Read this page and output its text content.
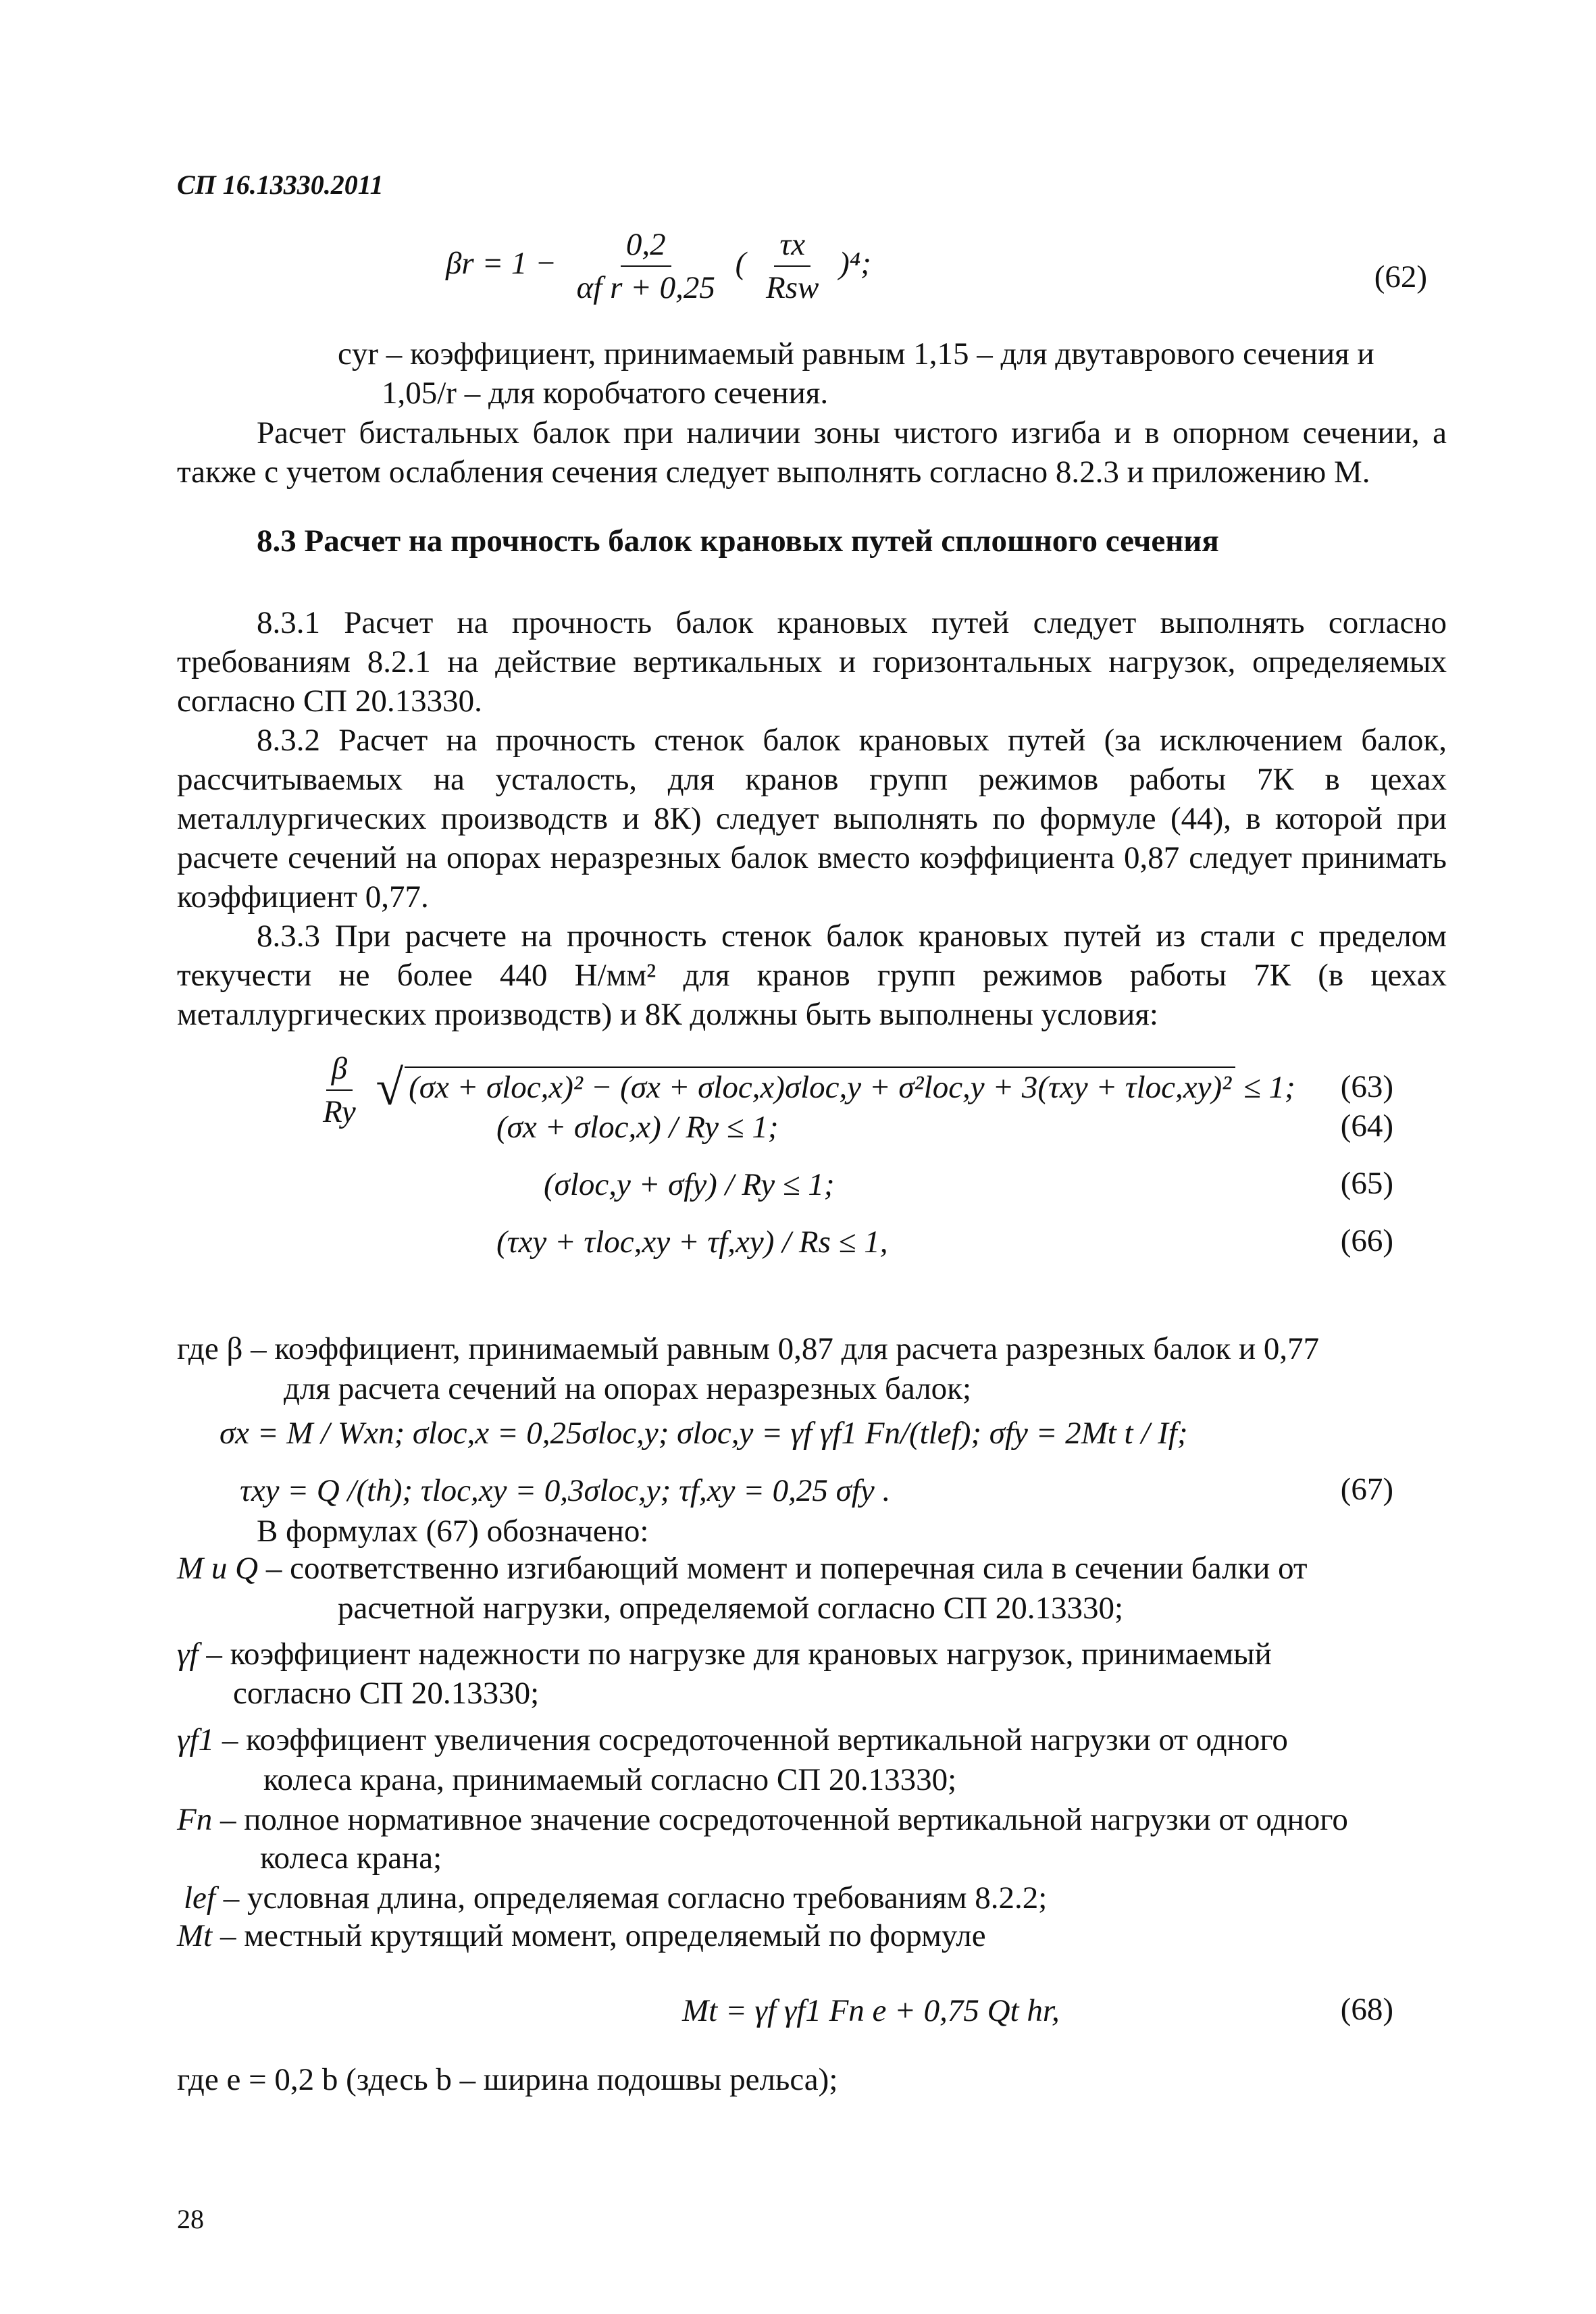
СП 16.13330.2011
$\beta r = 1 - \frac{0,2}{\text{αf r + 0,25}}$ ( $\frac{\tau x}{\text{Rsw}} )^4$;	(62)
cyr – коэффициент, принимаемый равным 1,15 – для двутаврового сечения и
1,05/r – для коробчатого сечения.
Расчет бистальных балок при наличии зоны чистого изгиба и в опорном сечении, а также с учетом ослабления сечения следует выполнять согласно 8.2.3 и приложению М.
8.3 Расчет на прочность балок крановых путей сплошного сечения
8.3.1 Расчет на прочность балок крановых путей следует выполнять согласно требованиям 8.2.1 на действие вертикальных и горизонтальных нагрузок, определяемых согласно СП 20.13330.
8.3.2 Расчет на прочность стенок балок крановых путей (за исключением балок, рассчитываемых на усталость, для кранов групп режимов работы 7К в цехах металлургических производств и 8К) следует выполнять по формуле (44), в которой при расчете сечений на опорах неразрезных балок вместо коэффициента 0,87 следует принимать коэффициент 0,77.
8.3.3 При расчете на прочность стенок балок крановых путей из стали с пределом текучести не более 440 Н/мм² для кранов групп режимов работы 7К (в цехах металлургических производств) и 8К должны быть выполнены условия:
$\frac{\beta}{Ry}$ √ (σx + σloc,x)² − (σx + σloc,x)σloc,y + σ²loc,y + 3(τxy + τloc,xy)² ≤ 1; (63)
(σx + σloc,x) / Ry ≤ 1;	(64)
(σloc,y + σfy) / Ry ≤ 1;	(65)
(τxy + τloc,xy + τf,xy) / Rs ≤ 1,	(66)
где β – коэффициент, принимаемый равным 0,87 для расчета разрезных балок и 0,77
для расчета сечений на опорах неразрезных балок;
σx = M / Wxn; σloc,x = 0,25σloc,y; σloc,y = γf γf1 Fn/(tlef); σfy = 2Mt t / If;
τxy = Q /(th); τloc,xy = 0,3σloc,y; τf,xy = 0,25 σfy .	(67)
В формулах (67) обозначено:
M и Q – соответственно изгибающий момент и поперечная сила в сечении балки от
расчетной нагрузки, определяемой согласно СП 20.13330;
γf – коэффициент надежности по нагрузке для крановых нагрузок, принимаемый
согласно СП 20.13330;
γf1 – коэффициент увеличения сосредоточенной вертикальной нагрузки от одного
колеса крана, принимаемый согласно СП 20.13330;
Fn – полное нормативное значение сосредоточенной вертикальной нагрузки от одного
колеса крана;
lef – условная длина, определяемая согласно требованиям 8.2.2;
Mt – местный крутящий момент, определяемый по формуле
Mt = γf γf1 Fn e + 0,75 Qt hr,	(68)
где e = 0,2 b (здесь b – ширина подошвы рельса);
28
